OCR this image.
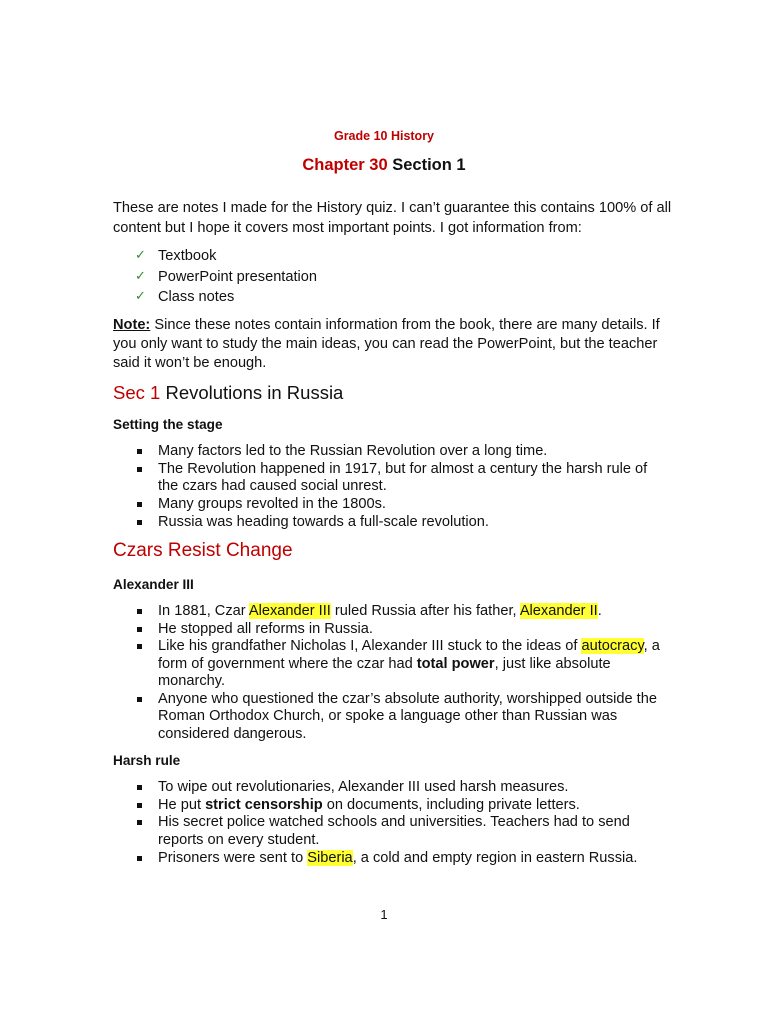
Grade 10 History
Chapter 30 Section 1
These are notes I made for the History quiz. I can’t guarantee this contains 100% of all content but I hope it covers most important points. I got information from:
✓ Textbook
✓ PowerPoint presentation
✓ Class notes
Note: Since these notes contain information from the book, there are many details. If you only want to study the main ideas, you can read the PowerPoint, but the teacher said it won’t be enough.
Sec 1 Revolutions in Russia
Setting the stage
Many factors led to the Russian Revolution over a long time.
The Revolution happened in 1917, but for almost a century the harsh rule of the czars had caused social unrest.
Many groups revolted in the 1800s.
Russia was heading towards a full-scale revolution.
Czars Resist Change
Alexander III
In 1881, Czar Alexander III ruled Russia after his father, Alexander II.
He stopped all reforms in Russia.
Like his grandfather Nicholas I, Alexander III stuck to the ideas of autocracy, a form of government where the czar had total power, just like absolute monarchy.
Anyone who questioned the czar’s absolute authority, worshipped outside the Roman Orthodox Church, or spoke a language other than Russian was considered dangerous.
Harsh rule
To wipe out revolutionaries, Alexander III used harsh measures.
He put strict censorship on documents, including private letters.
His secret police watched schools and universities. Teachers had to send reports on every student.
Prisoners were sent to Siberia, a cold and empty region in eastern Russia.
1
